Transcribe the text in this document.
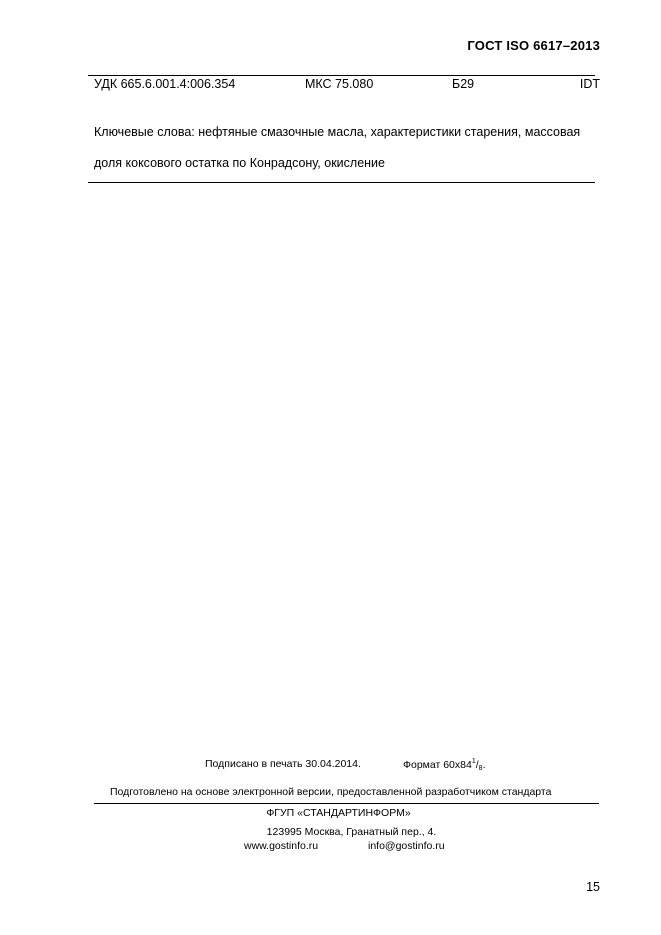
ГОСТ ISO 6617–2013
УДК 665.6.001.4:006.354	МКС 75.080	Б29	IDT
Ключевые слова: нефтяные смазочные масла, характеристики старения, массовая доля коксового остатка по Конрадсону, окисление
Подписано в печать 30.04.2014.	Формат $60х84^1/_8$.
Подготовлено на основе электронной версии, предоставленной разработчиком стандарта
ФГУП «СТАНДАРТИНФОРМ»
123995 Москва, Гранатный пер., 4.
www.gostinfo.ru	info@gostinfo.ru
15
